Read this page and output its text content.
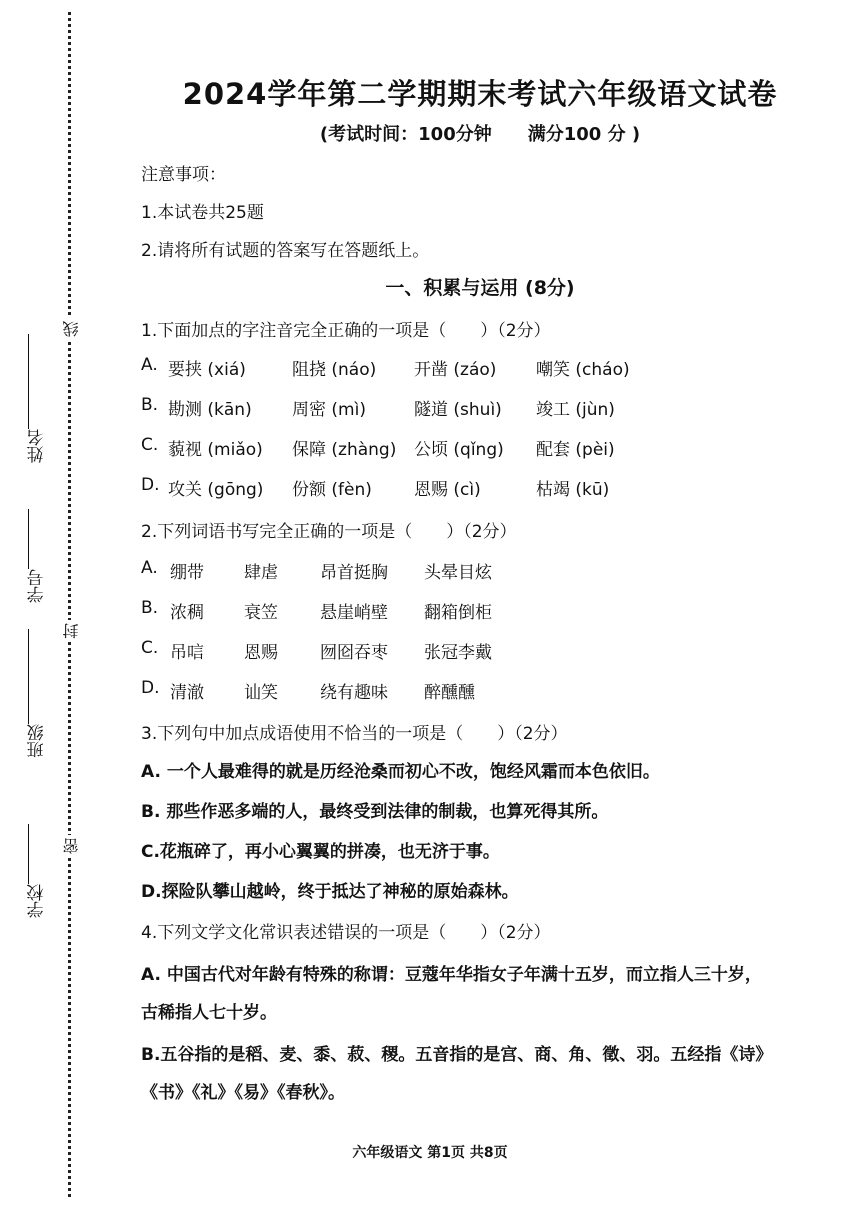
学校
班级
学号
姓名
密
封
线
2024学年第二学期期末考试六年级语文试卷
(考试时间：100分钟 满分100 分 )
注意事项：
1.本试卷共25题
2.请将所有试题的答案写在答题纸上。
一、积累与运用 (8分)
1.下面加点的字注音完全正确的一项是（　　）（2分）
A. 要挟 (xiá)	阻挠 (náo) 开凿 (záo) 嘲笑 (cháo)
B. 勘测 (kān) 周密 (mì)	隧道 (shuì) 竣工 (jùn)
C. 藐视 (miǎo) 保障 (zhàng) 公顷 (qǐng) 配套 (pèi)
D. 攻关 (gōng) 份额 (fèn) 恩赐 (cì)	枯竭 (kū)
2.下列词语书写完全正确的一项是（　　）（2分）
A. 绷带 肆虐 昂首挺胸 头晕目炫
B. 浓稠 衰笠 悬崖峭壁 翻箱倒柜
C. 吊唁 恩赐 囫囵吞枣 张冠李戴
D. 清澈 讪笑 绕有趣味 醉醺醺
3.下列句中加点成语使用不恰当的一项是（　　）（2分）
A. 一个人最难得的就是历经沧桑而初心不改，饱经风霜而本色依旧。
B. 那些作恶多端的人，最终受到法律的制裁，也算死得其所。
C.花瓶碎了，再小心翼翼的拼凑，也无济于事。
D.探险队攀山越岭，终于抵达了神秘的原始森林。
4.下列文学文化常识表述错误的一项是（　　）（2分）
A. 中国古代对年龄有特殊的称谓：豆蔻年华指女子年满十五岁，而立指人三十岁，
古稀指人七十岁。
B.五谷指的是稻、麦、黍、菽、稷。五音指的是宫、商、角、徵、羽。五经指《诗》
《书》《礼》《易》《春秋》。
六年级语文 第1页 共8页
